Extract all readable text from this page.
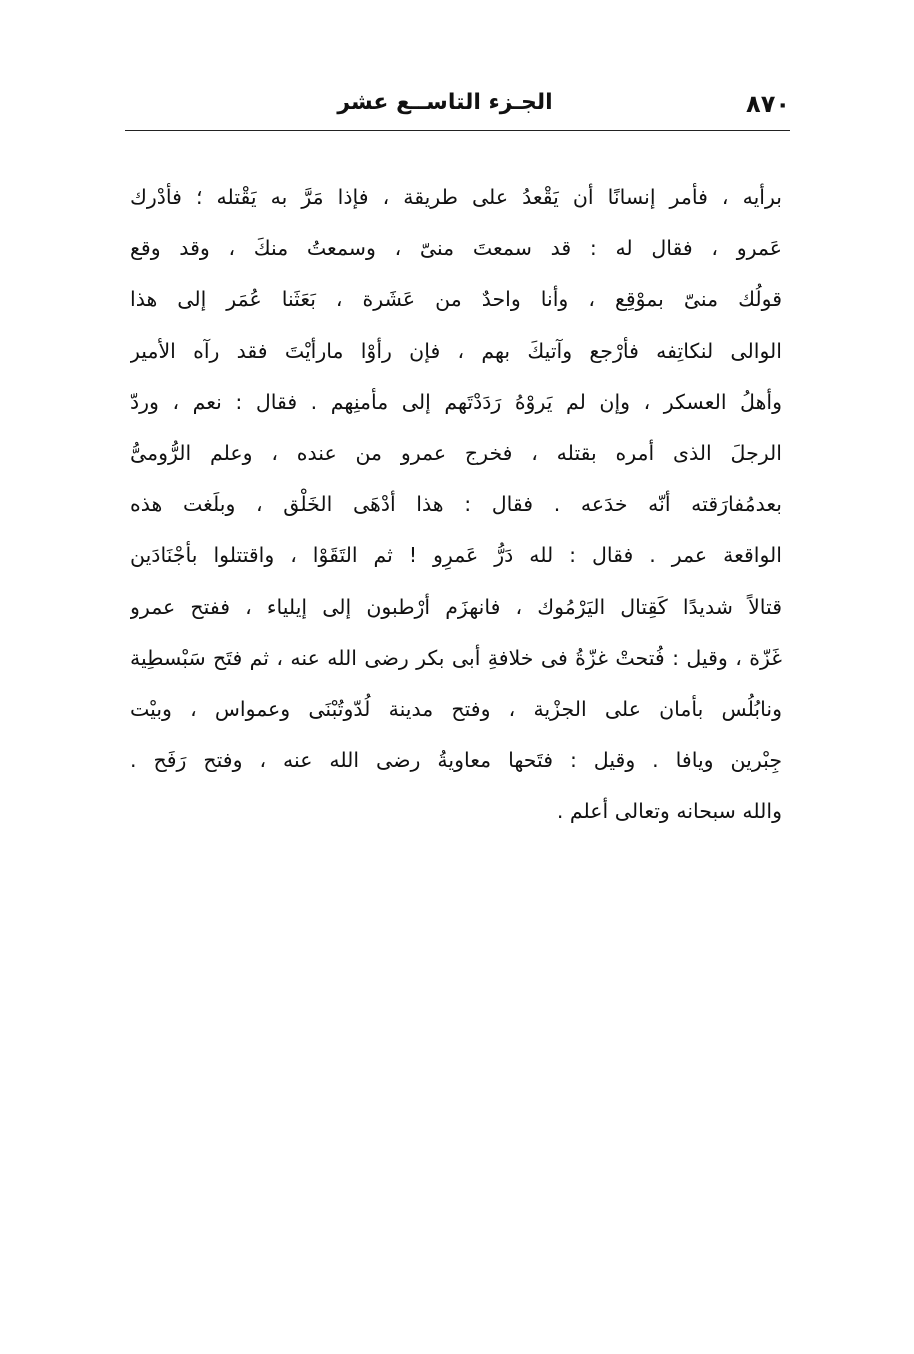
٨٧٠
الجـزء التاســع عشر
برأيه ، فأمر إنسانًا أن يَقْعدُ على طريقة ، فإذا مَرَّ به يَقْتله ؛ فأدْرك
عَمرو ، فقال له : قد سمعتَ منىّ ، وسمعتُ منكَ ، وقد وقع
قولُك منىّ بموْقِع ، وأنا واحدٌ من عَشَرة ، بَعَثَنا عُمَر إلى هذا
الوالى لنكاتِفه فأرْجع وآتيكَ بهم ، فإن رأوْا مارأيْتَ فقد رآه الأمير
وأهلُ العسكر ، وإن لم يَروْهُ رَدَدْتَهم إلى مأمنِهم . فقال : نعم ، وردّ
الرجلَ الذى أمره بقتله ، فخرج عمرو من عنده ، وعلم الرُّومىُّ
بعدمُفارَقته أنّه خدَعه . فقال : هذا أدْهَى الخَلْق ، وبلَغت هذه
الواقعة عمر . فقال : لله دَرُّ عَمرِو ! ثم التَقَوْا ، واقتتلوا بأجْنَادَين
قتالاً شديدًا كَقِتال اليَرْمُوك ، فانهزَم أرْطبون إلى إيلياء ، ففتح عمرو
غَزّة ، وقيل : فُتحتْ غزّةُ فى خلافةِ أبى بكر رضى الله عنه ، ثم فتَح سَبْسطِية
ونابُلُس بأمان على الجزْية ، وفتح مدينة لُدّوتُبْنَى وعمواس ، وبيْت
جِبْرين ويافا . وقيل : فتَحها معاويةُ رضى الله عنه ، وفتح رَفَح .
والله سبحانه وتعالى أعلم .
